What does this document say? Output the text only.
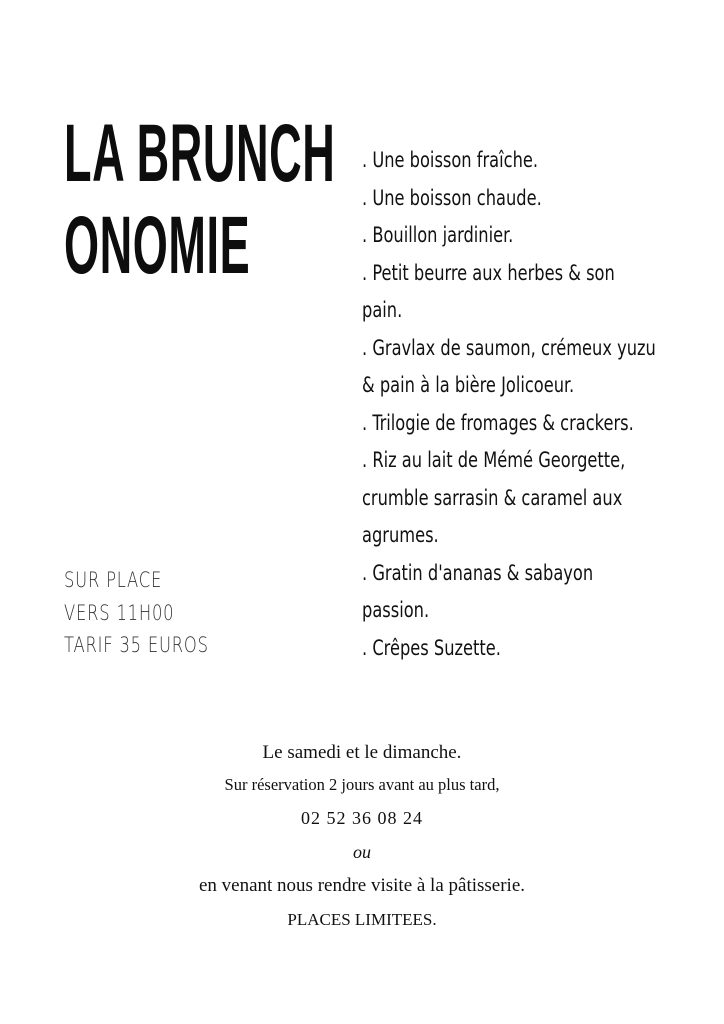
LA BRUNCH
ONOMIE
. Une boisson fraîche.
. Une boisson chaude.
. Bouillon jardinier.
. Petit beurre aux herbes & son
pain.
. Gravlax de saumon, crémeux yuzu
& pain à la bière Jolicoeur.
. Trilogie de fromages & crackers.
. Riz au lait de Mémé Georgette,
crumble sarrasin & caramel aux
agrumes.
. Gratin d'ananas & sabayon
passion.
. Crêpes Suzette.
SUR PLACE
VERS 11H00
TARIF 35 EUROS
Le samedi et le dimanche.
Sur réservation 2 jours avant au plus tard,
02 52 36 08 24
ou
en venant nous rendre visite à la pâtisserie.
PLACES LIMITEES.
